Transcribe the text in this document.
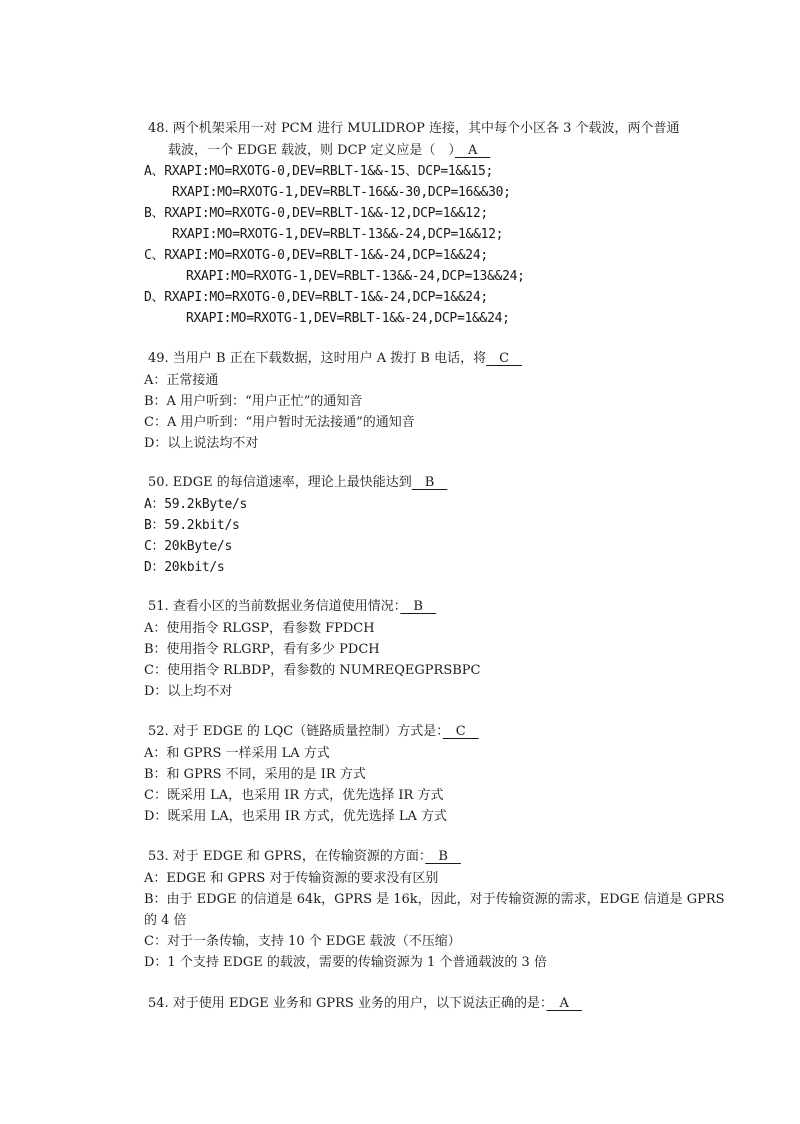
48. 两个机架采用一对 PCM 进行 MULIDROP 连接，其中每个小区各 3 个载波，两个普通
载波，一个 EDGE 载波，则 DCP 定义应是（　）　A　
A、RXAPI:MO=RXOTG-0,DEV=RBLT-1&&-15、DCP=1&&15;
RXAPI:MO=RXOTG-1,DEV=RBLT-16&&-30,DCP=16&&30;
B、RXAPI:MO=RXOTG-0,DEV=RBLT-1&&-12,DCP=1&&12;
RXAPI:MO=RXOTG-1,DEV=RBLT-13&&-24,DCP=1&&12;
C、RXAPI:MO=RXOTG-0,DEV=RBLT-1&&-24,DCP=1&&24;
RXAPI:MO=RXOTG-1,DEV=RBLT-13&&-24,DCP=13&&24;
D、RXAPI:MO=RXOTG-0,DEV=RBLT-1&&-24,DCP=1&&24;
RXAPI:MO=RXOTG-1,DEV=RBLT-1&&-24,DCP=1&&24;
49. 当用户 B 正在下载数据，这时用户 A 拨打 B 电话，将　C　
A：正常接通
B：A 用户听到：“用户正忙”的通知音
C：A 用户听到：“用户暂时无法接通”的通知音
D：以上说法均不对
50. EDGE 的每信道速率，理论上最快能达到　B　
A：59.2kByte/s
B：59.2kbit/s
C：20kByte/s
D：20kbit/s
51. 查看小区的当前数据业务信道使用情况：　B　
A：使用指令 RLGSP，看参数 FPDCH
B：使用指令 RLGRP，看有多少 PDCH
C：使用指令 RLBDP，看参数的 NUMREQEGPRSBPC
D：以上均不对
52. 对于 EDGE 的 LQC（链路质量控制）方式是：　C　
A：和 GPRS 一样采用 LA 方式
B：和 GPRS 不同，采用的是 IR 方式
C：既采用 LA，也采用 IR 方式，优先选择 IR 方式
D：既采用 LA，也采用 IR 方式，优先选择 LA 方式
53. 对于 EDGE 和 GPRS，在传输资源的方面：　B　
A：EDGE 和 GPRS 对于传输资源的要求没有区别
B：由于 EDGE 的信道是 64k，GPRS 是 16k，因此，对于传输资源的需求，EDGE 信道是 GPRS
的 4 倍
C：对于一条传输，支持 10 个 EDGE 载波（不压缩）
D：1 个支持 EDGE 的载波，需要的传输资源为 1 个普通载波的 3 倍
54. 对于使用 EDGE 业务和 GPRS 业务的用户，以下说法正确的是：　A　
